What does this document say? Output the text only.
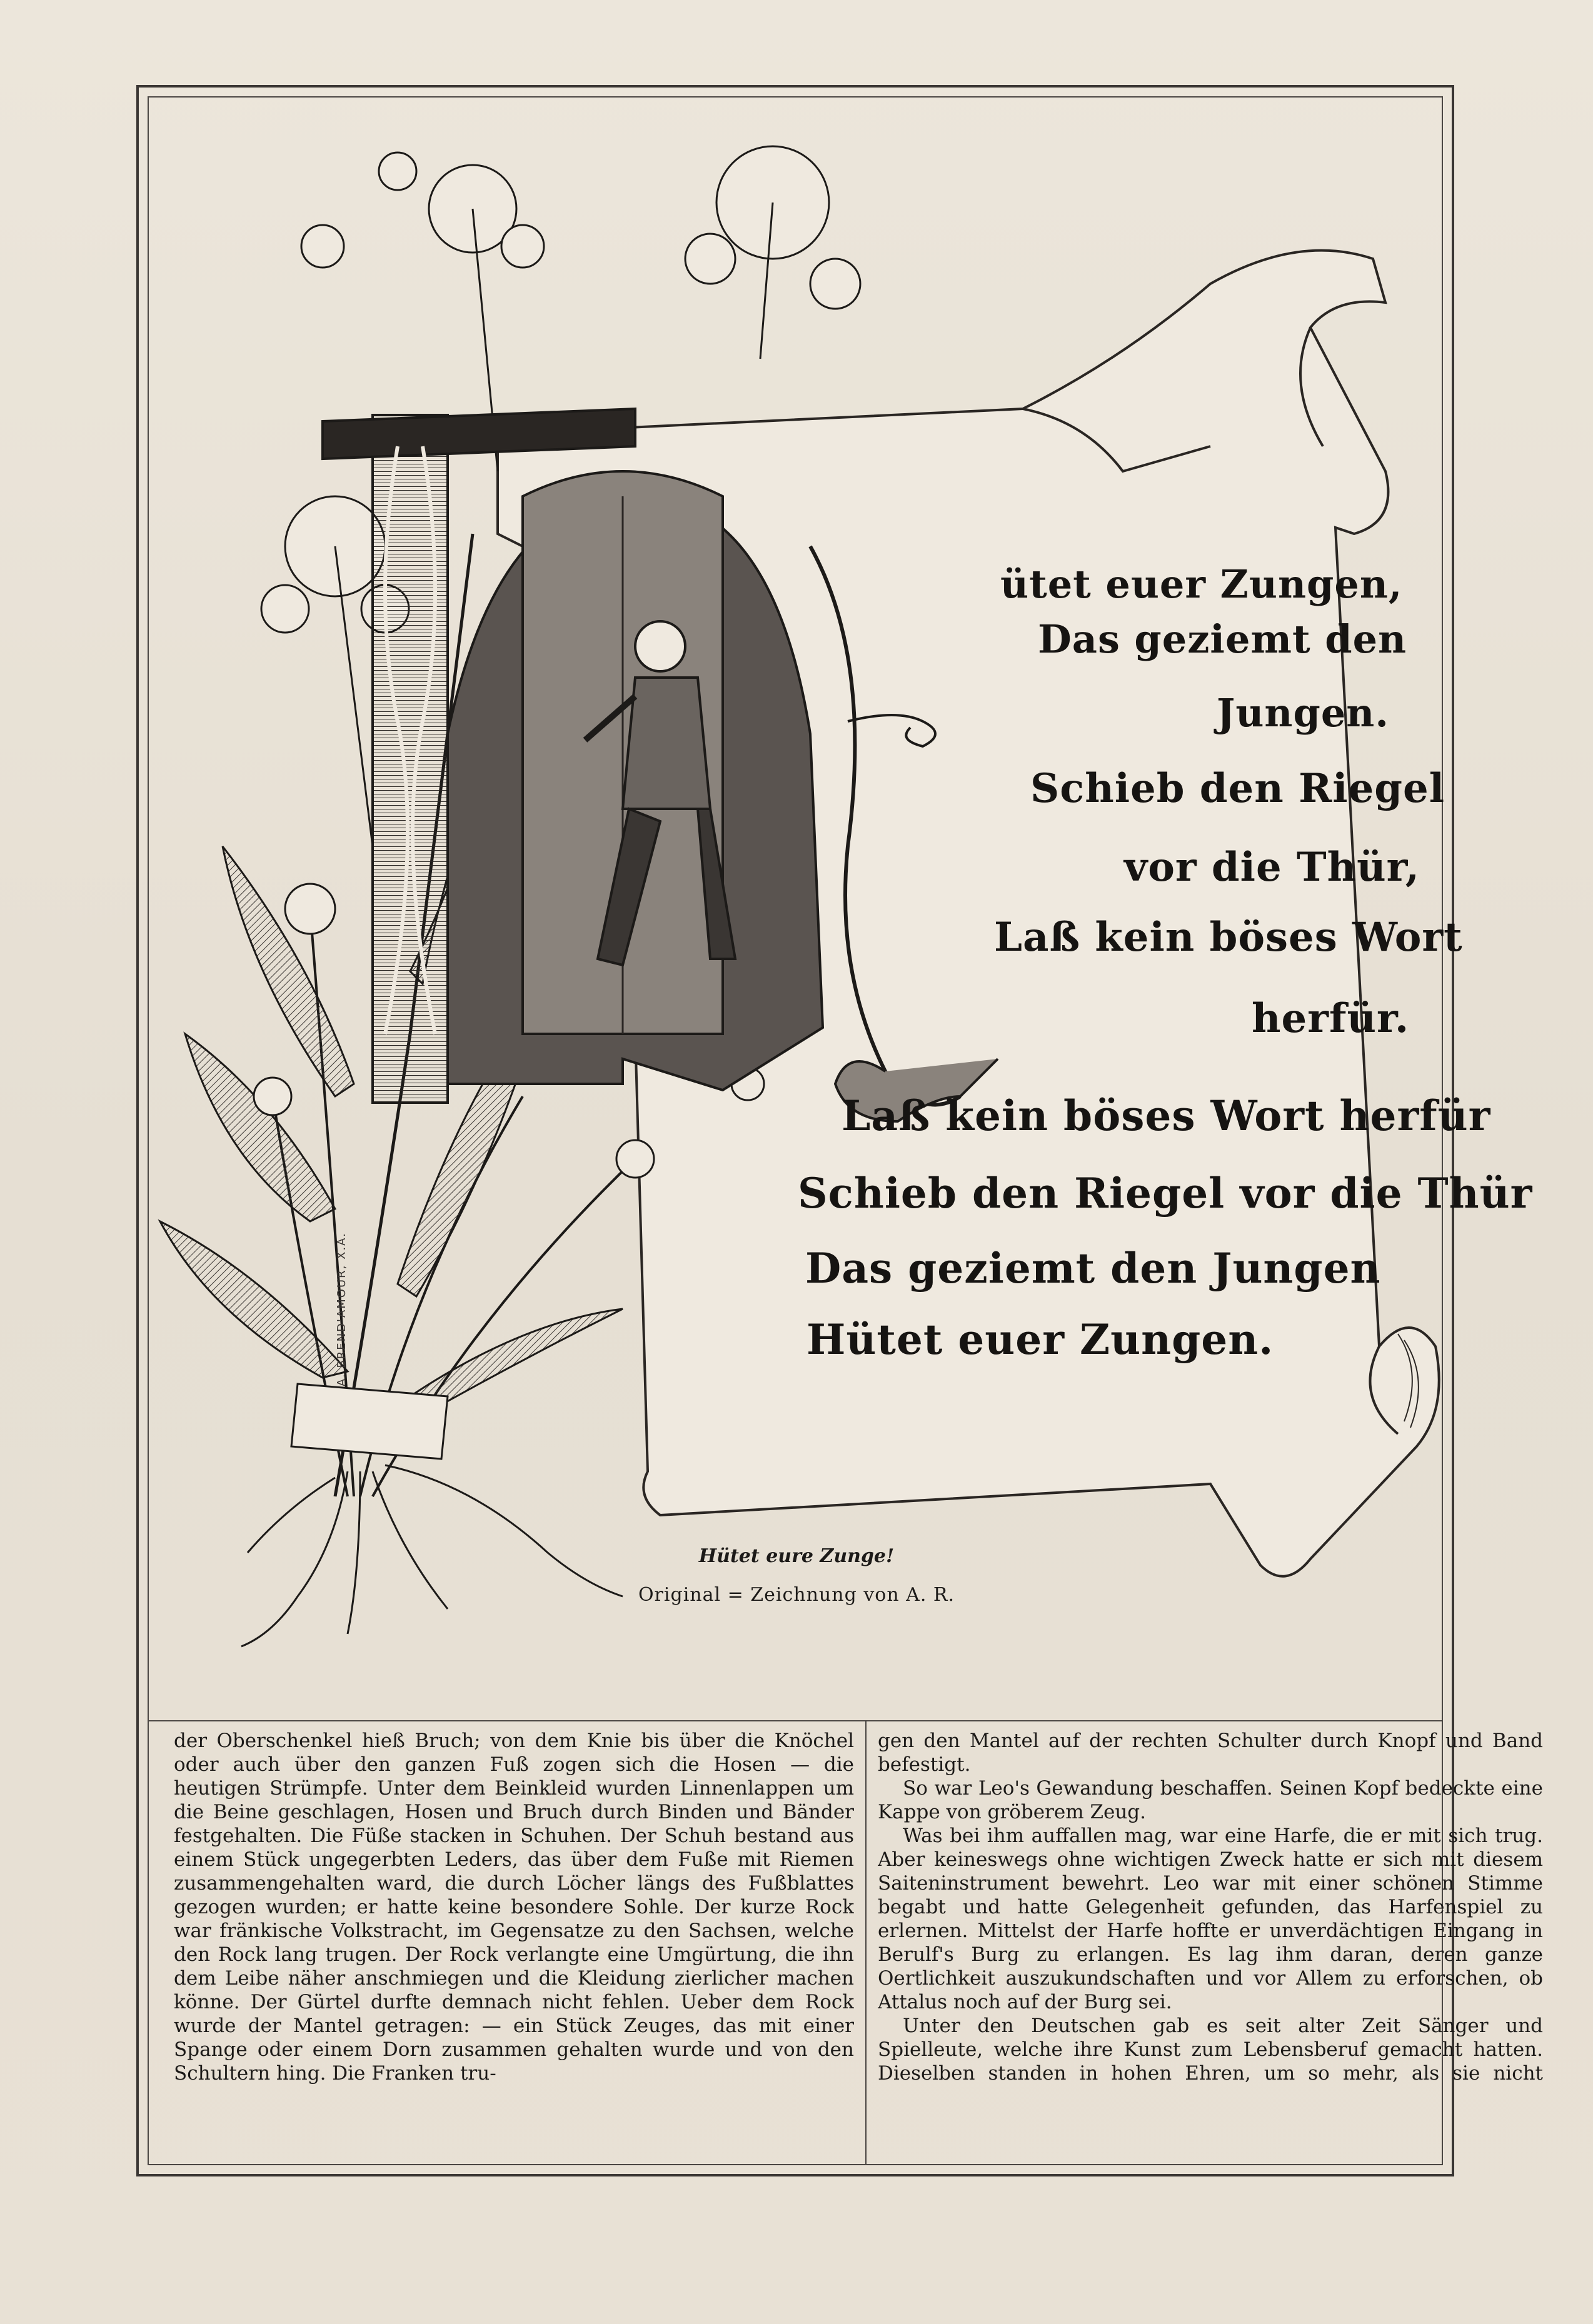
ütet euer Zungen,
Das geziemt den
Jungen.
Schieb den Riegel
vor die Thür,
Laß kein böses Wort
herfür.
Laß kein böses Wort herfür
Schieb den Riegel vor die Thür
Das geziemt den Jungen
Hütet euer Zungen.
A. BREND'AMOUR, X.A.
Hütet eure Zunge!
Original = Zeichnung von A. R.

der Oberschenkel hieß Bruch; von dem Knie bis über die Knöchel oder auch über den ganzen Fuß zogen sich die Hosen — die heutigen Strümpfe. Unter dem Beinkleid wurden Linnenlappen um die Beine geschlagen, Hosen und Bruch durch Binden und Bänder festgehalten. Die Füße stacken in Schuhen. Der Schuh bestand aus einem Stück ungegerbten Leders, das über dem Fuße mit Riemen zusammengehalten ward, die durch Löcher längs des Fußblattes gezogen wurden; er hatte keine besondere Sohle. Der kurze Rock war fränkische Volkstracht, im Gegensatze zu den Sachsen, welche den Rock lang trugen. Der Rock verlangte eine Umgürtung, die ihn dem Leibe näher anschmiegen und die Kleidung zierlicher machen könne. Der Gürtel durfte demnach nicht fehlen. Ueber dem Rock wurde der Mantel getragen: — ein Stück Zeuges, das mit einer Spange oder einem Dorn zusammen gehalten wurde und von den Schultern hing. Die Franken tru-

gen den Mantel auf der rechten Schulter durch Knopf und Band befestigt.

So war Leo's Gewandung beschaffen. Seinen Kopf bedeckte eine Kappe von gröberem Zeug.

Was bei ihm auffallen mag, war eine Harfe, die er mit sich trug. Aber keineswegs ohne wichtigen Zweck hatte er sich mit diesem Saiteninstrument bewehrt. Leo war mit einer schönen Stimme begabt und hatte Gelegenheit gefunden, das Harfenspiel zu erlernen. Mittelst der Harfe hoffte er unverdächtigen Eingang in Berulf's Burg zu erlangen. Es lag ihm daran, deren ganze Oertlichkeit auszukundschaften und vor Allem zu erforschen, ob Attalus noch auf der Burg sei.

Unter den Deutschen gab es seit alter Zeit Sänger und Spielleute, welche ihre Kunst zum Lebensberuf gemacht hatten. Dieselben standen in hohen Ehren, um so mehr, als sie nicht
